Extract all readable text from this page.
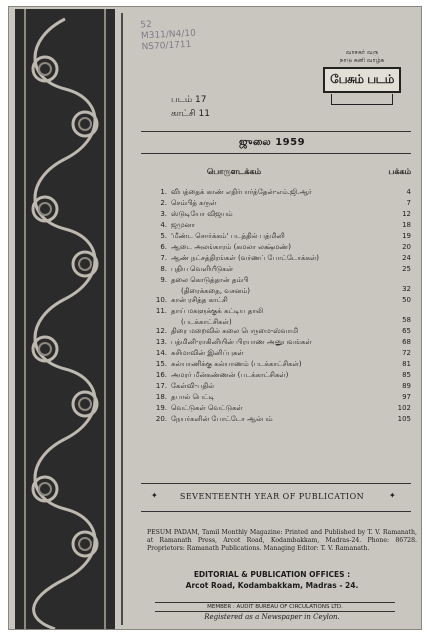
52
M311/N4/10
NS70/1711
வாசகர் வரு
நாடு கனி வாழ்க
பேசும் படம்
படம் 17
காட்சி 11
ஜுலை 1959
பொருளடக்கம்	பக்கம்
1. விபத்தைக் காண் எதிர்பார்த்தேன்-எம்.ஜி.ஆர்	4
2. செம்பித் கருள்	7
3. ஸ்டுடியோ விஜயம்	12
4. ஜமுனா	18
5. 'மீண்ட சொர்க்கம்' படத்தில் பத்மினி	19
6. ஆடை அலங்காரம் (கமலா லக்ஷ்மண்)	20
7. ஆண் நட்சத்திரங்கள் (வர்ணப் போட்டோக்கள்)	24
8. புதிய வெளியீடுகள்	25
9. தலை கொடுத்தான் தம்பி
(திரைக்கதை, வசனம்)	32
10. கான் ரசித்த காட்சி	50
11. தாய் மகளுக்குக் கட்டிய தாலி
(படக்காட்சிகள்)	58
12. திரை மறைவில் கலை பெருமை-ஸ்வாமி	65
13. பத்மினி-ராகினியின் பிரயாண அனுபவங்கள்	68
14. சுசிமாவின் இனிப்புகள்	72
15. கல்யாணிக்கு கல்யாணம் (படக்காட்சிகள்)	81
16. அமரர் மீன்கண்ணன் (படக்காட்சிகள்)	85
17. கேள்வி-பதில்	89
18. தபால் பெட்டி	97
19. வெட்டுகள் வெட்டுகள்	102
20. நேயர்களின் போட்டோ ஆல்பம்	105
✦	SEVENTEENTH YEAR OF PUBLICATION	✦
PESUM PADAM, Tamil Monthly Magazine: Printed and Published by T. V. Ramanath, at Ramanath Press, Arcot Road, Kodambakkam, Madras-24. Phone: 86728. Proprietors: Ramanath Publications. Managing Editor: T. V. Ramanath.
EDITORIAL & PUBLICATION OFFICES :
Arcot Road, Kodambakkam, Madras - 24.
MEMBER : AUDIT BUREAU OF CIRCULATIONS LTD.
Registered as a Newspaper in Ceylon.
